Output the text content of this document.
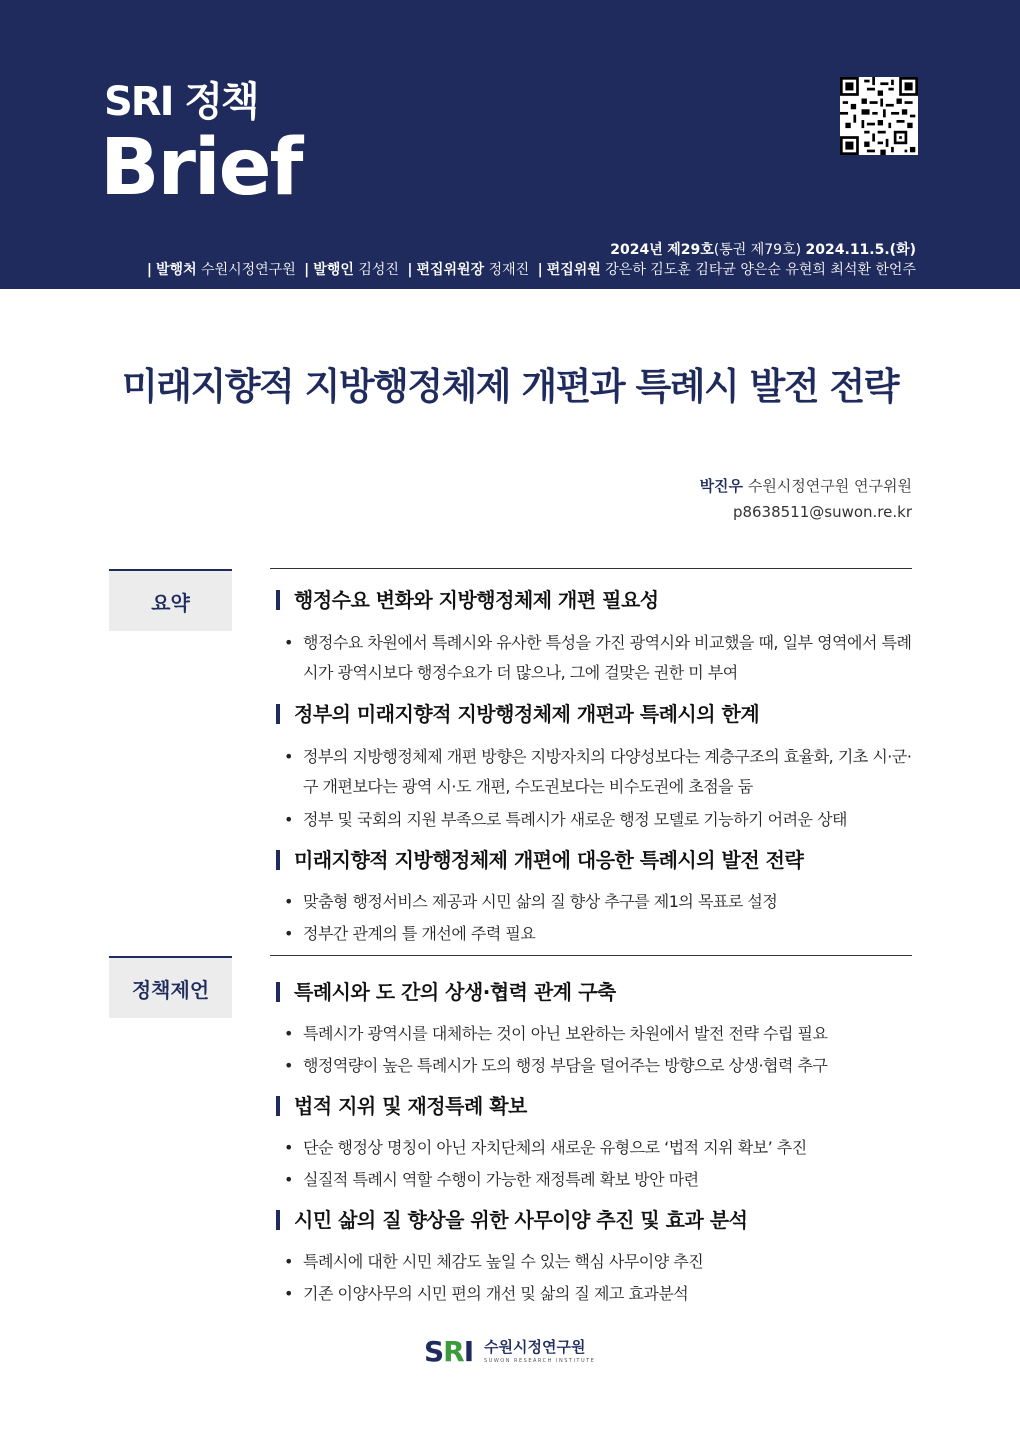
SRI 정책
Brief
2024년 제29호(통권 제79호) 2024.11.5.(화)
| 발행처 수원시정연구원 | 발행인 김성진 | 편집위원장 정재진 | 편집위원 강은하 김도훈 김타균 양은순 유현희 최석환 한언주
미래지향적 지방행정체제 개편과 특례시 발전 전략
박진우 수원시정연구원 연구위원
p8638511@suwon.re.kr
요약	행정수요 변화와 지방행정체제 개편 필요성
• 행정수요 차원에서 특례시와 유사한 특성을 가진 광역시와 비교했을 때, 일부 영역에서 특례시가 광역시보다 행정수요가 더 많으나, 그에 걸맞은 권한 미 부여
정부의 미래지향적 지방행정체제 개편과 특례시의 한계
• 정부의 지방행정체제 개편 방향은 지방자치의 다양성보다는 계층구조의 효율화, 기초 시·군·구 개편보다는 광역 시·도 개편, 수도권보다는 비수도권에 초점을 둠
• 정부 및 국회의 지원 부족으로 특례시가 새로운 행정 모델로 기능하기 어려운 상태
미래지향적 지방행정체제 개편에 대응한 특례시의 발전 전략
• 맞춤형 행정서비스 제공과 시민 삶의 질 향상 추구를 제1의 목표로 설정
• 정부간 관계의 틀 개선에 주력 필요
정책제언	특례시와 도 간의 상생·협력 관계 구축
• 특례시가 광역시를 대체하는 것이 아닌 보완하는 차원에서 발전 전략 수립 필요
• 행정역량이 높은 특례시가 도의 행정 부담을 덜어주는 방향으로 상생·협력 추구
법적 지위 및 재정특례 확보
• 단순 행정상 명칭이 아닌 자치단체의 새로운 유형으로 ‘법적 지위 확보’ 추진
• 실질적 특례시 역할 수행이 가능한 재정특례 확보 방안 마련
시민 삶의 질 향상을 위한 사무이양 추진 및 효과 분석
• 특례시에 대한 시민 체감도 높일 수 있는 핵심 사무이양 추진
• 기존 이양사무의 시민 편의 개선 및 삶의 질 제고 효과분석
SRI 수원시정연구원
SUWON RESEARCH INSTITUTE
